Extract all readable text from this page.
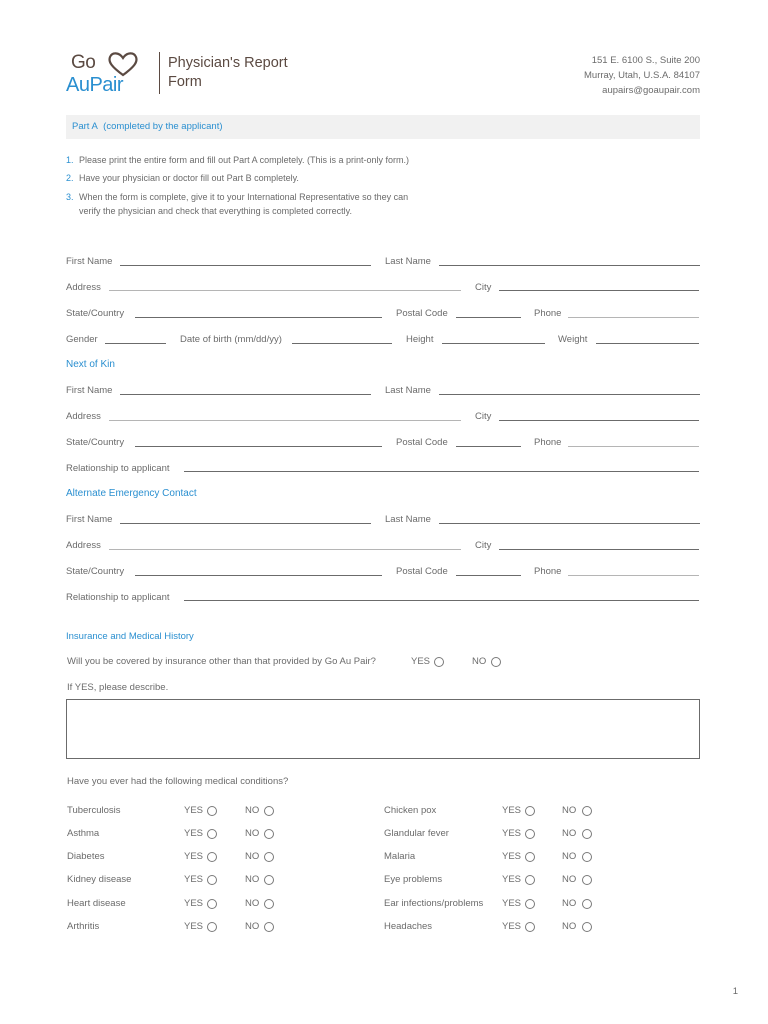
Go
AuPair
Physician's Report
Form
151 E. 6100 S., Suite 200
Murray, Utah, U.S.A. 84107
aupairs@goaupair.com
Part A (completed by the applicant)
1. Please print the entire form and fill out Part A completely. (This is a print-only form.)
2. Have your physician or doctor fill out Part B completely.
3. When the form is complete, give it to your International Representative so they can
verify the physician and check that everything is completed correctly.
First Name	Last Name
Address	City
State/Country	Postal Code	Phone
Gender	Date of birth (mm/dd/yy)	Height	Weight
Next of Kin
First Name	Last Name
Address	City
State/Country	Postal Code	Phone
Relationship to applicant
Alternate Emergency Contact
First Name	Last Name
Address	City
State/Country	Postal Code	Phone
Relationship to applicant
Insurance and Medical History
Will you be covered by insurance other than that provided by Go Au Pair?	YES	NO
If YES, please describe.
Have you ever had the following medical conditions?
Tuberculosis	YES	NO
Asthma	YES	NO
Diabetes	YES	NO
Kidney disease	YES	NO
Heart disease	YES	NO
Arthritis	YES	NO
Chicken pox	YES	NO
Glandular fever	YES	NO
Malaria	YES	NO
Eye problems	YES	NO
Ear infections/problems YES	NO
Headaches	YES	NO
1
